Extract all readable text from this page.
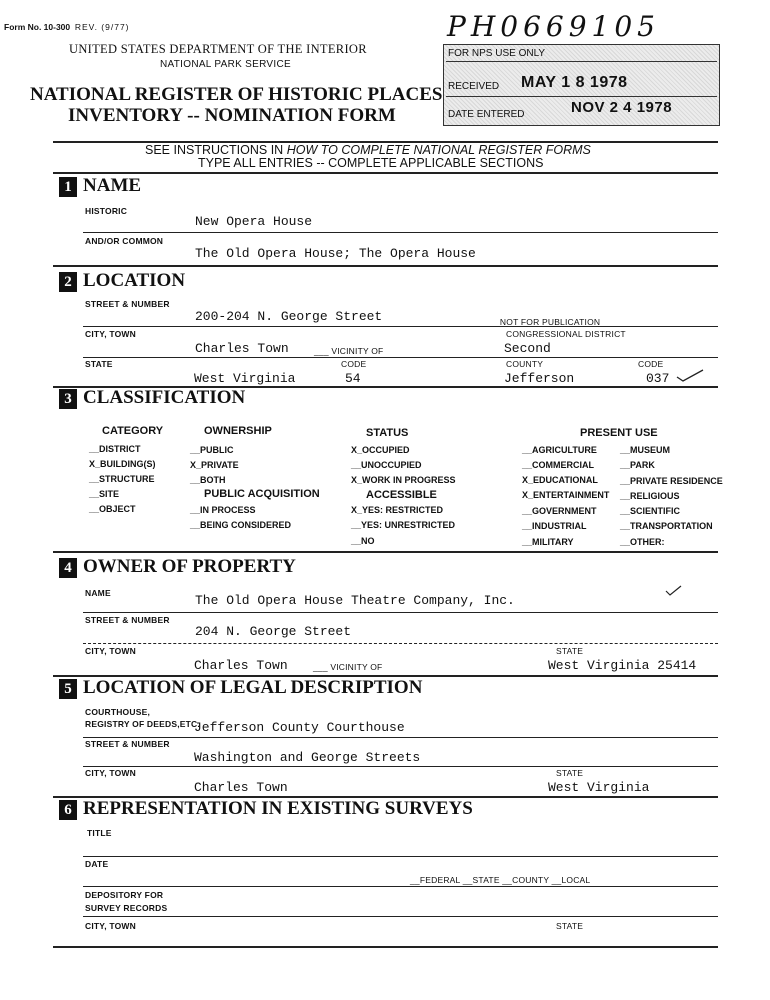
Form No. 10-300 REV. (9/77)
UNITED STATES DEPARTMENT OF THE INTERIOR
NATIONAL PARK SERVICE
NATIONAL REGISTER OF HISTORIC PLACES
INVENTORY -- NOMINATION FORM
PH0669105
FOR NPS USE ONLY
RECEIVED MAY 1 8 1978
DATE ENTERED	NOV 2 4 1978
SEE INSTRUCTIONS IN HOW TO COMPLETE NATIONAL REGISTER FORMS
TYPE ALL ENTRIES -- COMPLETE APPLICABLE SECTIONS
1 NAME
HISTORIC
New Opera House
AND/OR COMMON
The Old Opera House; The Opera House
2 LOCATION
STREET & NUMBER
200-204 N. George Street	_NOT FOR PUBLICATION
CITY, TOWN	CONGRESSIONAL DISTRICT
Charles Town	___ VICINITY OF	Second
STATE	CODE	COUNTY	CODE
West Virginia	54	Jefferson	037
3 CLASSIFICATION
CATEGORY
__DISTRICT
X_BUILDING(S)
__STRUCTURE
__SITE
__OBJECT
OWNERSHIP
__PUBLIC
X_PRIVATE
__BOTH
PUBLIC ACQUISITION
__IN PROCESS
__BEING CONSIDERED
STATUS
X_OCCUPIED
__UNOCCUPIED
X_WORK IN PROGRESS
ACCESSIBLE
X_YES: RESTRICTED
__YES: UNRESTRICTED
__NO
PRESENT USE
__AGRICULTURE
__COMMERCIAL
X_EDUCATIONAL
X_ENTERTAINMENT
__GOVERNMENT
__INDUSTRIAL
__MILITARY
__MUSEUM
__PARK
__PRIVATE RESIDENCE
__RELIGIOUS
__SCIENTIFIC
__TRANSPORTATION
__OTHER:
4 OWNER OF PROPERTY
NAME	The Old Opera House Theatre Company, Inc.
STREET & NUMBER
204 N. George Street
CITY, TOWN	STATE
Charles Town	___ VICINITY OF	West Virginia 25414
5 LOCATION OF LEGAL DESCRIPTION
COURTHOUSE,
REGISTRY OF DEEDS,ETC.
Jefferson County Courthouse
STREET & NUMBER
Washington and George Streets
CITY, TOWN	STATE
Charles Town	West Virginia
6 REPRESENTATION IN EXISTING SURVEYS
TITLE
DATE
__FEDERAL __STATE __COUNTY __LOCAL
DEPOSITORY FOR
SURVEY RECORDS
CITY, TOWN	STATE
